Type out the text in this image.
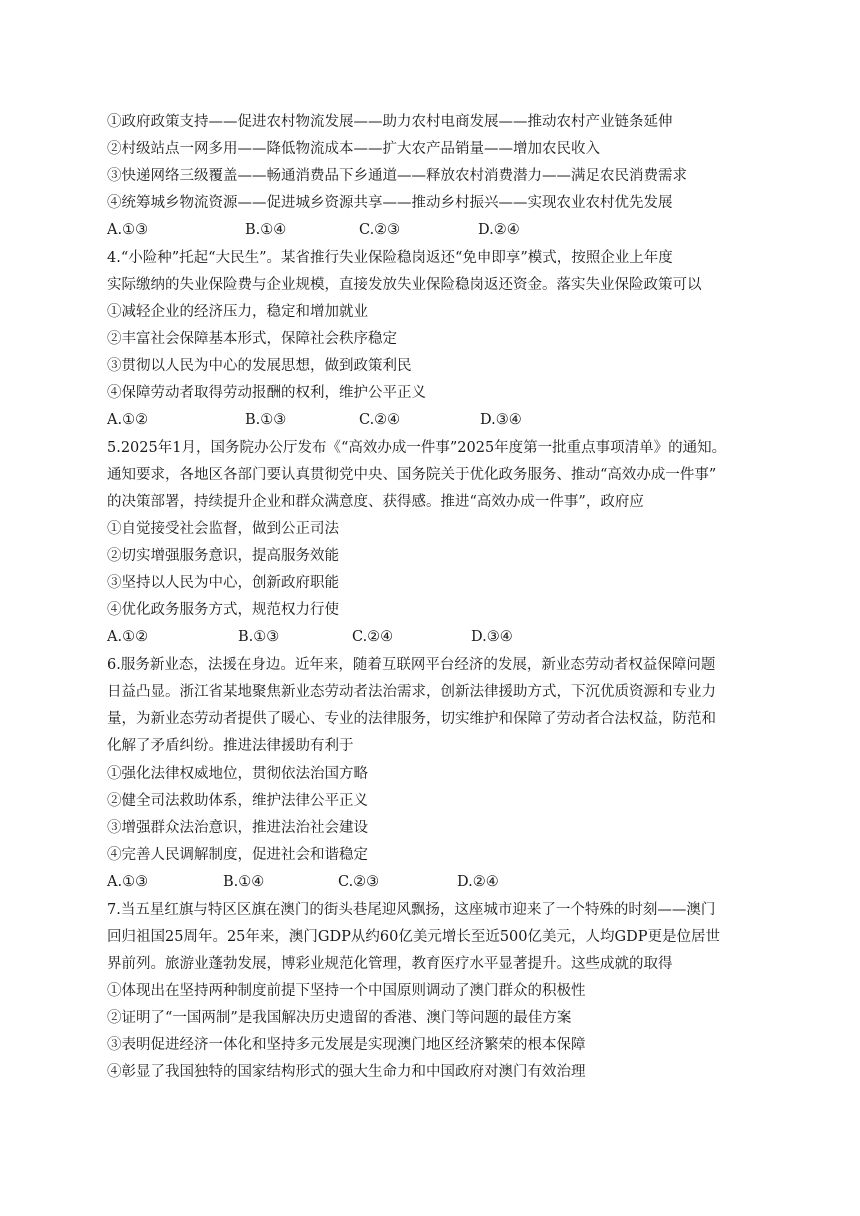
①政府政策支持——促进农村物流发展——助力农村电商发展——推动农村产业链条延伸
②村级站点一网多用——降低物流成本——扩大农产品销量——增加农民收入
③快递网络三级覆盖——畅通消费品下乡通道——释放农村消费潜力——满足农民消费需求
④统筹城乡物流资源——促进城乡资源共享——推动乡村振兴——实现农业农村优先发展
A.①③	B.①④	C.②③	D.②④
4.“小险种”托起“大民生”。某省推行失业保险稳岗返还“免申即享”模式，按照企业上年度
实际缴纳的失业保险费与企业规模，直接发放失业保险稳岗返还资金。落实失业保险政策可以
①减轻企业的经济压力，稳定和增加就业
②丰富社会保障基本形式，保障社会秩序稳定
③贯彻以人民为中心的发展思想，做到政策利民
④保障劳动者取得劳动报酬的权利，维护公平正义
A.①②	B.①③	C.②④	D.③④
5.2025年1月，国务院办公厅发布《“高效办成一件事”2025年度第一批重点事项清单》的通知。
通知要求，各地区各部门要认真贯彻党中央、国务院关于优化政务服务、推动“高效办成一件事”
的决策部署，持续提升企业和群众满意度、获得感。推进“高效办成一件事”，政府应
①自觉接受社会监督，做到公正司法
②切实增强服务意识，提高服务效能
③坚持以人民为中心，创新政府职能
④优化政务服务方式，规范权力行使
A.①②	B.①③	C.②④	D.③④
6.服务新业态，法援在身边。近年来，随着互联网平台经济的发展，新业态劳动者权益保障问题
日益凸显。浙江省某地聚焦新业态劳动者法治需求，创新法律援助方式，下沉优质资源和专业力
量，为新业态劳动者提供了暖心、专业的法律服务，切实维护和保障了劳动者合法权益，防范和
化解了矛盾纠纷。推进法律援助有利于
①强化法律权威地位，贯彻依法治国方略
②健全司法救助体系，维护法律公平正义
③增强群众法治意识，推进法治社会建设
④完善人民调解制度，促进社会和谐稳定
A.①③	B.①④	C.②③	D.②④
7.当五星红旗与特区区旗在澳门的街头巷尾迎风飘扬，这座城市迎来了一个特殊的时刻——澳门
回归祖国25周年。25年来，澳门GDP从约60亿美元增长至近500亿美元，人均GDP更是位居世
界前列。旅游业蓬勃发展，博彩业规范化管理，教育医疗水平显著提升。这些成就的取得
①体现出在坚持两种制度前提下坚持一个中国原则调动了澳门群众的积极性
②证明了“一国两制”是我国解决历史遗留的香港、澳门等问题的最佳方案
③表明促进经济一体化和坚持多元发展是实现澳门地区经济繁荣的根本保障
④彰显了我国独特的国家结构形式的强大生命力和中国政府对澳门有效治理
